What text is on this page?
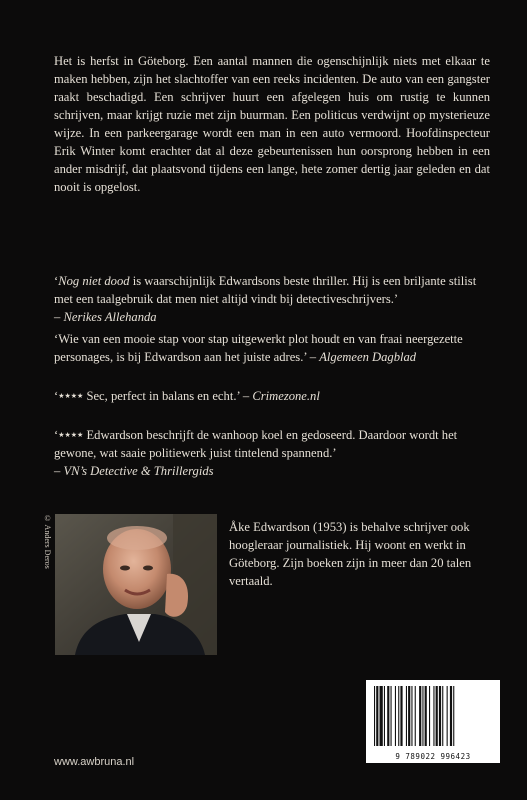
Het is herfst in Göteborg. Een aantal mannen die ogenschijnlijk niets met elkaar te maken hebben, zijn het slachtoffer van een reeks incidenten. De auto van een gangster raakt beschadigd. Een schrijver huurt een afgelegen huis om rustig te kunnen schrijven, maar krijgt ruzie met zijn buurman. Een politicus verdwijnt op mysterieuze wijze. In een parkeergarage wordt een man in een auto vermoord. Hoofdinspecteur Erik Winter komt erachter dat al deze gebeurtenissen hun oorsprong hebben in een ander misdrijf, dat plaatsvond tijdens een lange, hete zomer dertig jaar geleden en dat nooit is opgelost.

‘Nog niet dood is waarschijnlijk Edwardsons beste thriller. Hij is een briljante stilist met een taalgebruik dat men niet altijd vindt bij detectiveschrijvers.’
– Nerikes Allehanda

‘Wie van een mooie stap voor stap uitgewerkt plot houdt en van fraai neergezette personages, is bij Edwardson aan het juiste adres.’ – Algemeen Dagblad

‘★★★★ Sec, perfect in balans en echt.’ – Crimezone.nl

‘★★★★ Edwardson beschrijft de wanhoop koel en gedoseerd. Daardoor wordt het gewone, wat saaie politiewerk juist tintelend spannend.’
– VN’s Detective & Thrillergids

© Anders Deros	Åke Edwardson (1953) is behalve schrijver ook hoogleraar journalistiek. Hij woont en werkt in Göteborg. Zijn boeken zijn in meer dan 20 talen vertaald.

9 789022 996423
www.awbruna.nl
